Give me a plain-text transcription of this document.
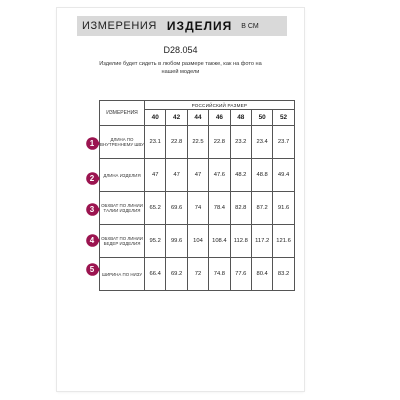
ИЗМЕРЕНИЯ ИЗДЕЛИЯ В СМ
D28.054
Изделие будет сидеть в любом размере также, как на фото на нашей модели
ИЗМЕРЕНИЯ	РОССИЙСКИЙ РАЗМЕР						
	40	42	44	46	48	50	52
ДЛИНА ПО ВНУТРЕННЕМУ ШВУ	23.1	22.8	22.5	22.8	23.2	23.4	23.7
ДЛИНА ИЗДЕЛИЯ	47	47	47	47.6	48.2	48.8	49.4
ОБХВАТ ПО ЛИНИИ ТАЛИИ ИЗДЕЛИЯ	65.2	69.6	74	78.4	82.8	87.2	91.6
ОБХВАТ ПО ЛИНИИ БЕДЕР ИЗДЕЛИЯ	95.2	99.6	104	108.4	112.8	117.2	121.6
ШИРИНА ПО НИЗУ	66.4	69.2	72	74.8	77.6	80.4	83.2
1
2
3
4
5
